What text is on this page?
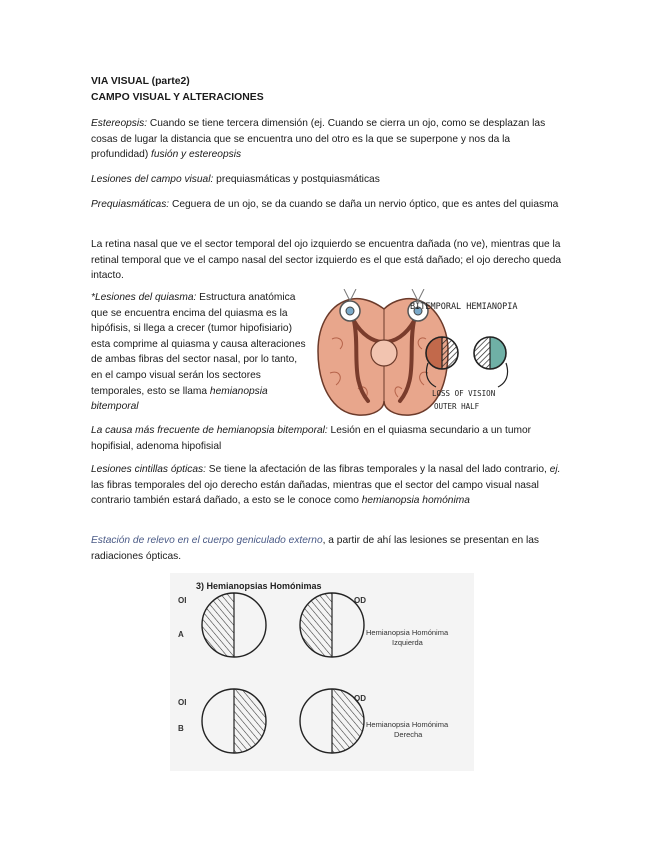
VIA VISUAL (parte2)

CAMPO VISUAL Y ALTERACIONES

Estereopsis: Cuando se tiene tercera dimensión (ej. Cuando se cierra un ojo, como se desplazan las cosas de lugar la distancia que se encuentra uno del otro es la que se superpone y nos da la profundidad) fusión y estereopsis

Lesiones del campo visual: prequiasmáticas y postquiasmáticas

Prequiasmáticas: Ceguera de un ojo, se da cuando se daña un nervio óptico, que es antes del quiasma

La retina nasal que ve el sector temporal del ojo izquierdo se encuentra dañada (no ve), mientras que la retinal temporal que ve el campo nasal del sector izquierdo es el que está dañado; el ojo derecho queda intacto.

*Lesiones del quiasma: Estructura anatómica que se encuentra encima del quiasma es la hipófisis, si llega a crecer (tumor hipofisiario) esta comprime al quiasma y causa alteraciones de ambas fibras del sector nasal, por lo tanto, en el campo visual serán los sectores temporales, esto se llama hemianopsia bitemporal

BITEMPORAL HEMIANOPIA
LOSS OF VISION
OUTER HALF

La causa más frecuente de hemianopsia bitemporal: Lesión en el quiasma secundario a un tumor hopifisial, adenoma hipofisial

Lesiones cintillas ópticas: Se tiene la afectación de las fibras temporales y la nasal del lado contrario, ej. las fibras temporales del ojo derecho están dañadas, mientras que el sector del campo visual nasal contrario también estará dañado, a esto se le conoce como hemianopsia homónima

Estación de relevo en el cuerpo geniculado externo, a partir de ahí las lesiones se presentan en las radiaciones ópticas.

3) Hemianopsias Homónimas
OI	OD
A	Hemianopsia Homónima
Izquierda
OI	OD
B	Hemianopsia Homónima
Derecha
